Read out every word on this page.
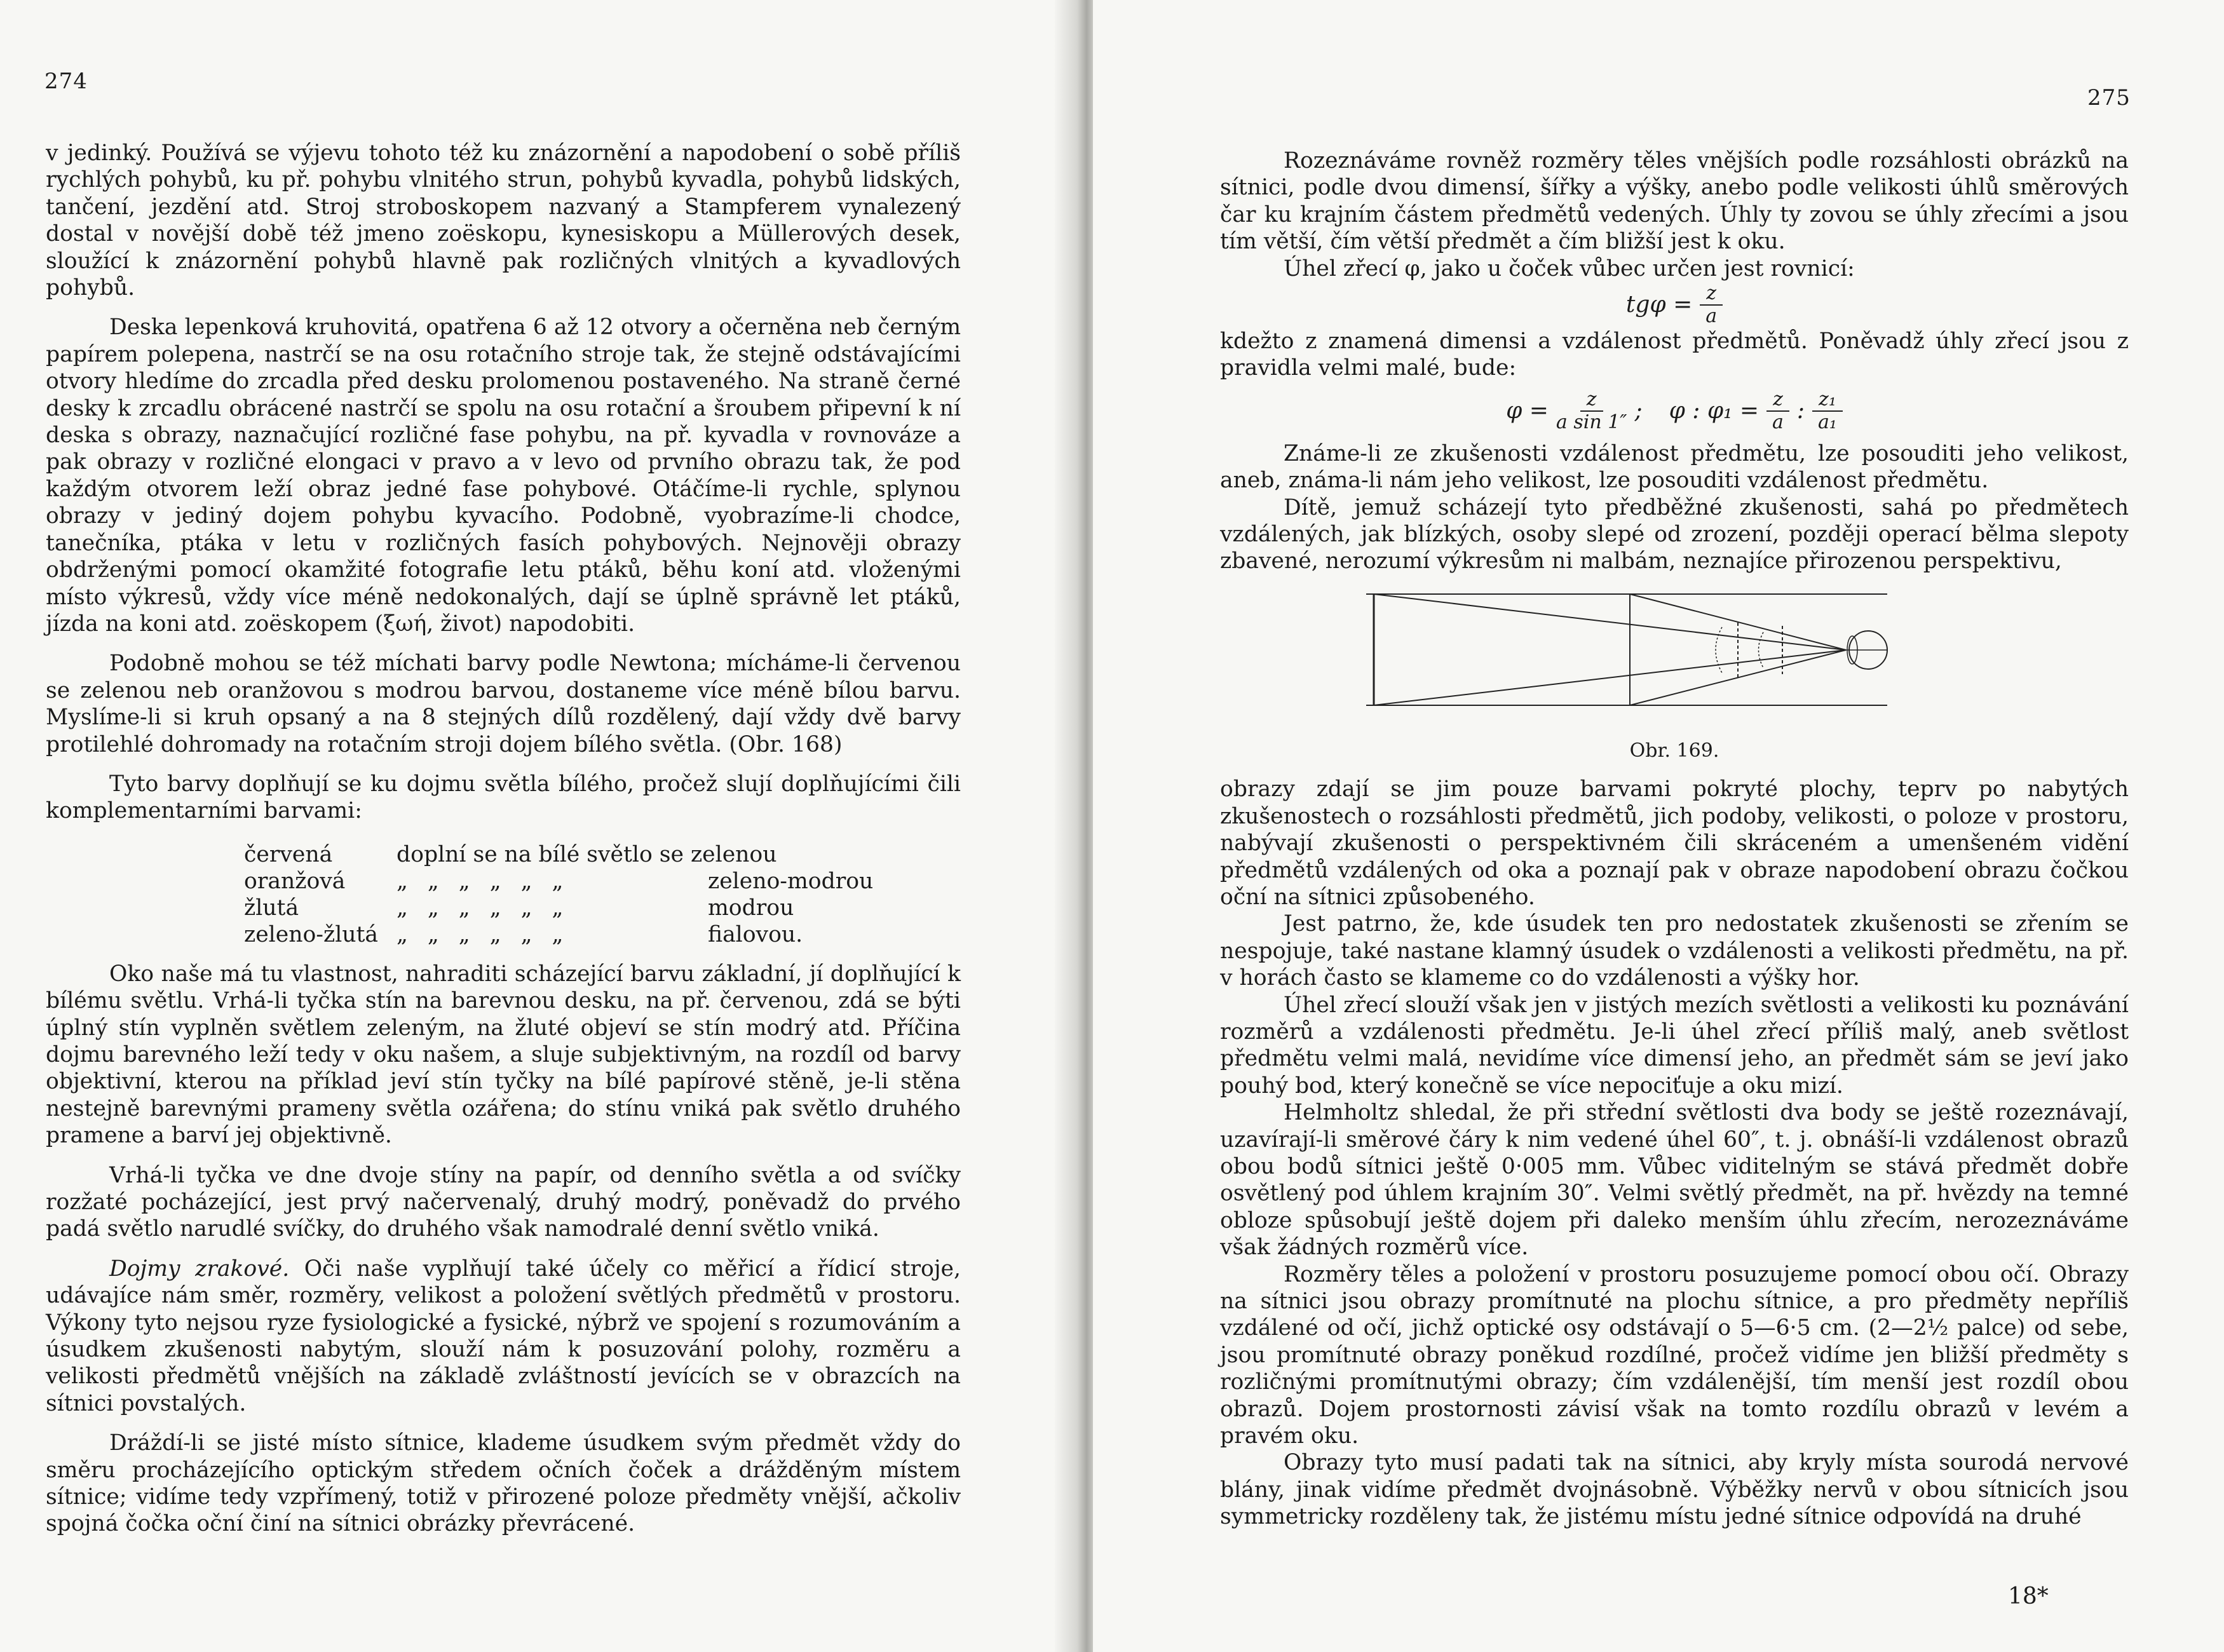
274

v jedinký. Používá se výjevu tohoto též ku znázornění a napodobení o sobě příliš rychlých pohybů, ku př. pohybu vlnitého strun, pohybů kyvadla, pohybů lidských, tančení, jezdění atd. Stroj stroboskopem nazvaný a Stampferem vynalezený dostal v novější době též jmeno zoëskopu, kynesiskopu a Müllerových desek, sloužící k znázornění pohybů hlavně pak rozličných vlnitých a kyvadlových pohybů.

Deska lepenková kruhovitá, opatřena 6 až 12 otvory a očerněna neb černým papírem polepena, nastrčí se na osu rotačního stroje tak, že stejně odstávajícími otvory hledíme do zrcadla před desku prolomenou postaveného. Na straně černé desky k zrcadlu obrácené nastrčí se spolu na osu rotační a šroubem připevní k ní deska s obrazy, naznačující rozličné fase pohybu, na př. kyvadla v rovnováze a pak obrazy v rozličné elongaci v pravo a v levo od prvního obrazu tak, že pod každým otvorem leží obraz jedné fase pohybové. Otáčíme-li rychle, splynou obrazy v jediný dojem pohybu kyvacího. Podobně, vyobrazíme-li chodce, tanečníka, ptáka v letu v rozličných fasích pohybových. Nejnověji obrazy obdrženými pomocí okamžité fotografie letu ptáků, běhu koní atd. vloženými místo výkresů, vždy více méně nedokonalých, dají se úplně správně let ptáků, jízda na koni atd. zoëskopem (ξωή, život) napodobiti.

Podobně mohou se též míchati barvy podle Newtona; mícháme-li červenou se zelenou neb oranžovou s modrou barvou, dostaneme více méně bílou barvu. Myslíme-li si kruh opsaný a na 8 stejných dílů rozdělený, dají vždy dvě barvy protilehlé dohromady na rotačním stroji dojem bílého světla. (Obr. 168)

Tyto barvy doplňují se ku dojmu světla bílého, pročež slují doplňujícími čili komplementarními barvami:

červená	doplní se na bílé světlo se zelenou
oranžová	„ „ „ „ „ „	zeleno-modrou
žlutá	„ „ „ „ „ „	modrou
zeleno-žlutá „ „ „ „ „ „	fialovou.

Oko naše má tu vlastnost, nahraditi scházející barvu základní, jí doplňující k bílému světlu. Vrhá-li tyčka stín na barevnou desku, na př. červenou, zdá se býti úplný stín vyplněn světlem zeleným, na žluté objeví se stín modrý atd. Příčina dojmu barevného leží tedy v oku našem, a sluje subjektivným, na rozdíl od barvy objektivní, kterou na příklad jeví stín tyčky na bílé papírové stěně, je-li stěna nestejně barevnými prameny světla ozářena; do stínu vniká pak světlo druhého pramene a barví jej objektivně.

Vrhá-li tyčka ve dne dvoje stíny na papír, od denního světla a od svíčky rozžaté pocházející, jest prvý načervenalý, druhý modrý, poněvadž do prvého padá světlo narudlé svíčky, do druhého však namodralé denní světlo vniká.

Dojmy zrakové. Oči naše vyplňují také účely co měřicí a řídicí stroje, udávajíce nám směr, rozměry, velikost a položení světlých předmětů v prostoru. Výkony tyto nejsou ryze fysiologické a fysické, nýbrž ve spojení s rozumováním a úsudkem zkušenosti nabytým, slouží nám k posuzování polohy, rozměru a velikosti předmětů vnějších na základě zvláštností jevících se v obrazcích na sítnici povstalých.

Dráždí-li se jisté místo sítnice, klademe úsudkem svým předmět vždy do směru procházejícího optickým středem očních čoček a drážděným místem sítnice; vidíme tedy vzpřímený, totiž v přirozené poloze předměty vnější, ačkoliv spojná čočka oční činí na sítnici obrázky převrácené.

275

Rozeznáváme rovněž rozměry těles vnějších podle rozsáhlosti obrázků na sítnici, podle dvou dimensí, šířky a výšky, anebo podle velikosti úhlů směrových čar ku krajním částem předmětů vedených. Úhly ty zovou se úhly zřecími a jsou tím větší, čím větší předmět a čím bližší jest k oku.

Úhel zřecí φ, jako u čoček vůbec určen jest rovnicí:

$tg\varphi = \frac{z}{a}$

kdežto z znamená dimensi a vzdálenost předmětů. Poněvadž úhly zřecí jsou z pravidla velmi malé, bude:

$\varphi = \frac{z}{\text{a sin 1″}}$ ; φ : $\varphi_1 = \frac{z}{a}$ : $\frac{\text{z₁}}{\text{a₁}}$

Známe-li ze zkušenosti vzdálenost předmětu, lze posouditi jeho velikost, aneb, známa-li nám jeho velikost, lze posouditi vzdálenost předmětu.

Dítě, jemuž scházejí tyto předběžné zkušenosti, sahá po předmětech vzdálených, jak blízkých, osoby slepé od zrození, později operací bělma slepoty zbavené, nerozumí výkresům ni malbám, neznajíce přirozenou perspektivu,

Obr. 169.

obrazy zdají se jim pouze barvami pokryté plochy, teprv po nabytých zkušenostech o rozsáhlosti předmětů, jich podoby, velikosti, o poloze v prostoru, nabývají zkušenosti o perspektivném čili skráceném a umenšeném vidění předmětů vzdálených od oka a poznají pak v obraze napodobení obrazu čočkou oční na sítnici způsobeného.

Jest patrno, že, kde úsudek ten pro nedostatek zkušenosti se zřením se nespojuje, také nastane klamný úsudek o vzdálenosti a velikosti předmětu, na př. v horách často se klameme co do vzdálenosti a výšky hor.

Úhel zřecí slouží však jen v jistých mezích světlosti a velikosti ku poznávání rozměrů a vzdálenosti předmětu. Je-li úhel zřecí příliš malý, aneb světlost předmětu velmi malá, nevidíme více dimensí jeho, an předmět sám se jeví jako pouhý bod, který konečně se více nepociťuje a oku mizí.

Helmholtz shledal, že při střední světlosti dva body se ještě rozeznávají, uzavírají-li směrové čáry k nim vedené úhel 60″, t. j. obnáší-li vzdálenost obrazů obou bodů sítnici ještě 0·005 mm. Vůbec viditelným se stává předmět dobře osvětlený pod úhlem krajním 30″. Velmi světlý předmět, na př. hvězdy na temné obloze spůsobují ještě dojem při daleko menším úhlu zřecím, nerozeznáváme však žádných rozměrů více.

Rozměry těles a položení v prostoru posuzujeme pomocí obou očí. Obrazy na sítnici jsou obrazy promítnuté na plochu sítnice, a pro předměty nepříliš vzdálené od očí, jichž optické osy odstávají o 5—6·5 cm. (2—2½ palce) od sebe, jsou promítnuté obrazy poněkud rozdílné, pročež vidíme jen bližší předměty s rozličnými promítnutými obrazy; čím vzdálenější, tím menší jest rozdíl obou obrazů. Dojem prostornosti závisí však na tomto rozdílu obrazů v levém a pravém oku.

Obrazy tyto musí padati tak na sítnici, aby kryly místa sourodá nervové blány, jinak vidíme předmět dvojnásobně. Výběžky nervů v obou sítnicích jsou symmetricky rozděleny tak, že jistému místu jedné sítnice odpovídá na druhé

18*
